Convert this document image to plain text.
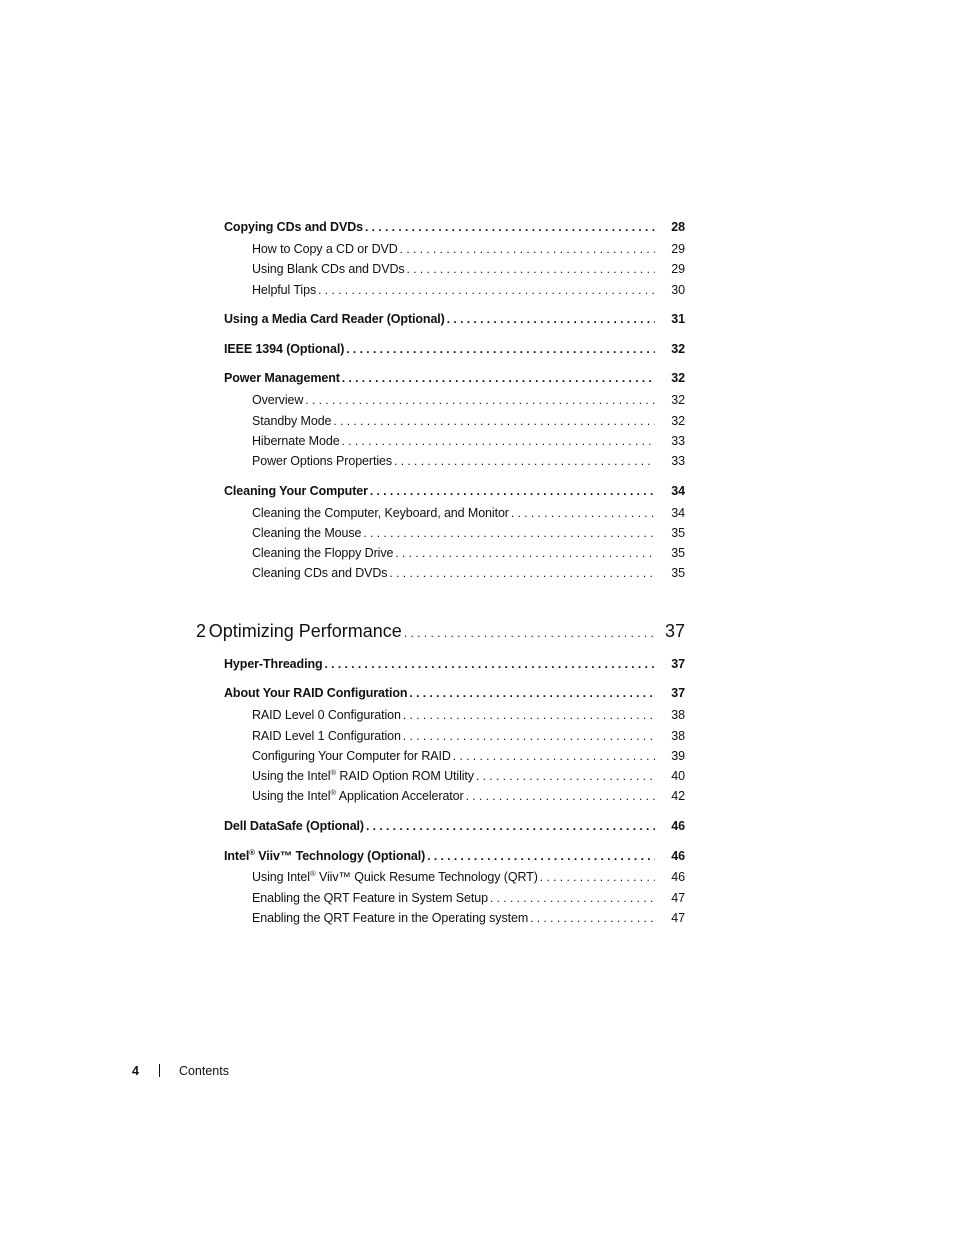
Copying CDs and DVDs . . .	28
How to Copy a CD or DVD . . .	29
Using Blank CDs and DVDs . . .	29
Helpful Tips . . .	30
Using a Media Card Reader (Optional) . . .	31
IEEE 1394 (Optional) . . .	32
Power Management . . .	32
Overview . . .	32
Standby Mode . . .	32
Hibernate Mode . . .	33
Power Options Properties . . .	33
Cleaning Your Computer . . .	34
Cleaning the Computer, Keyboard, and Monitor . . .	34
Cleaning the Mouse . . .	35
Cleaning the Floppy Drive . . .	35
Cleaning CDs and DVDs . . .	35
2 Optimizing Performance . . .	37
Hyper-Threading . . .	37
About Your RAID Configuration . . .	37
RAID Level 0 Configuration . . .	38
RAID Level 1 Configuration . . .	38
Configuring Your Computer for RAID . . .	39
Using the Intel® RAID Option ROM Utility . . .	40
Using the Intel® Application Accelerator . . .	42
Dell DataSafe (Optional) . . .	46
Intel® Viiv™ Technology (Optional) . . .	46
Using Intel® Viiv™ Quick Resume Technology (QRT) . . .	46
Enabling the QRT Feature in System Setup . . .	47
Enabling the QRT Feature in the Operating system . . .	47
4	Contents
